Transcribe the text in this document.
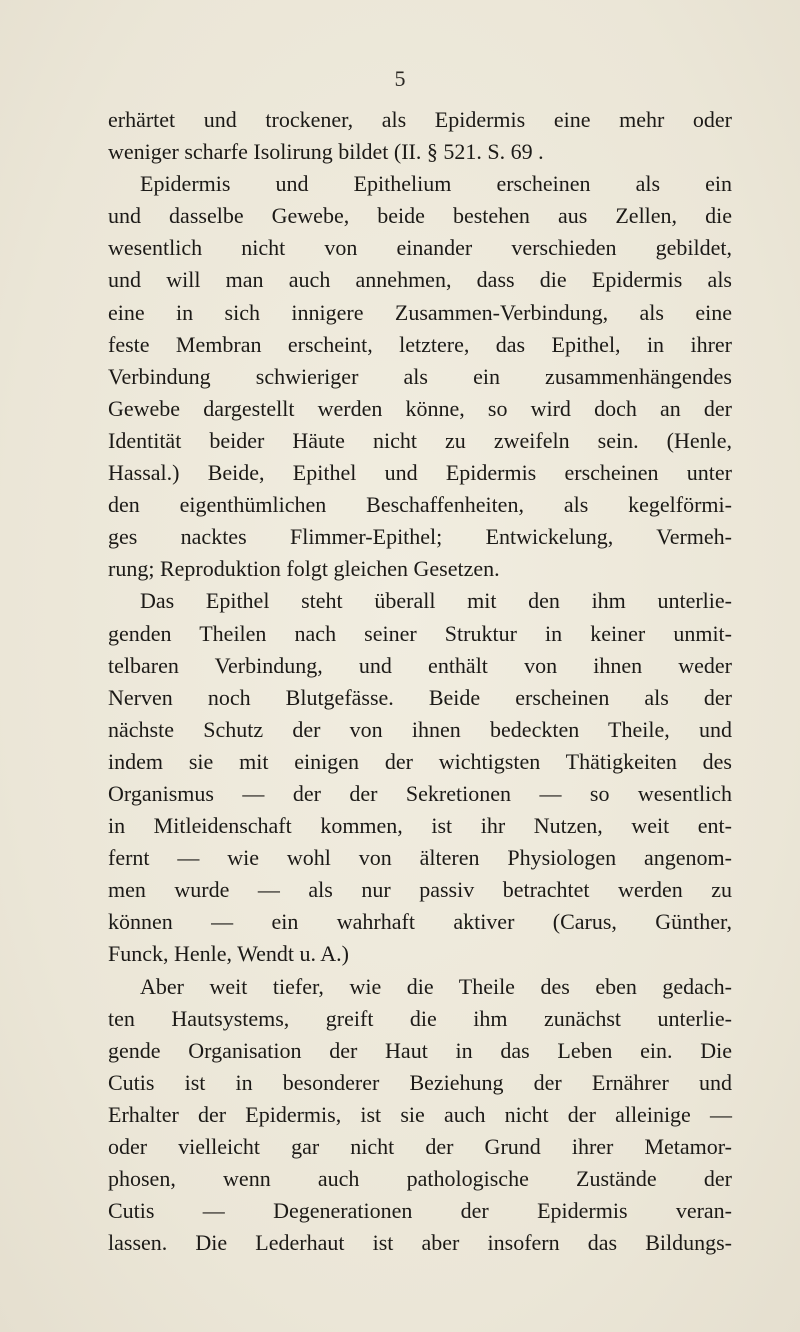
5
erhärtet und trockener, als Epidermis eine mehr oder
weniger scharfe Isolirung bildet (II. § 521. S. 69 .
Epidermis und Epithelium erscheinen als ein
und dasselbe Gewebe, beide bestehen aus Zellen, die
wesentlich nicht von einander verschieden gebildet,
und will man auch annehmen, dass die Epidermis als
eine in sich innigere Zusammen-Verbindung, als eine
feste Membran erscheint, letztere, das Epithel, in ihrer
Verbindung schwieriger als ein zusammenhängendes
Gewebe dargestellt werden könne, so wird doch an der
Identität beider Häute nicht zu zweifeln sein. (Henle,
Hassal.) Beide, Epithel und Epidermis erscheinen unter
den eigenthümlichen Beschaffenheiten, als kegelförmi-
ges nacktes Flimmer-Epithel; Entwickelung, Vermeh-
rung; Reproduktion folgt gleichen Gesetzen.
Das Epithel steht überall mit den ihm unterlie-
genden Theilen nach seiner Struktur in keiner unmit-
telbaren Verbindung, und enthält von ihnen weder
Nerven noch Blutgefässe. Beide erscheinen als der
nächste Schutz der von ihnen bedeckten Theile, und
indem sie mit einigen der wichtigsten Thätigkeiten des
Organismus — der der Sekretionen — so wesentlich
in Mitleidenschaft kommen, ist ihr Nutzen, weit ent-
fernt — wie wohl von älteren Physiologen angenom-
men wurde — als nur passiv betrachtet werden zu
können — ein wahrhaft aktiver (Carus, Günther,
Funck, Henle, Wendt u. A.)
Aber weit tiefer, wie die Theile des eben gedach-
ten Hautsystems, greift die ihm zunächst unterlie-
gende Organisation der Haut in das Leben ein. Die
Cutis ist in besonderer Beziehung der Ernährer und
Erhalter der Epidermis, ist sie auch nicht der alleinige —
oder vielleicht gar nicht der Grund ihrer Metamor-
phosen, wenn auch pathologische Zustände der
Cutis — Degenerationen der Epidermis veran-
lassen. Die Lederhaut ist aber insofern das Bildungs-
